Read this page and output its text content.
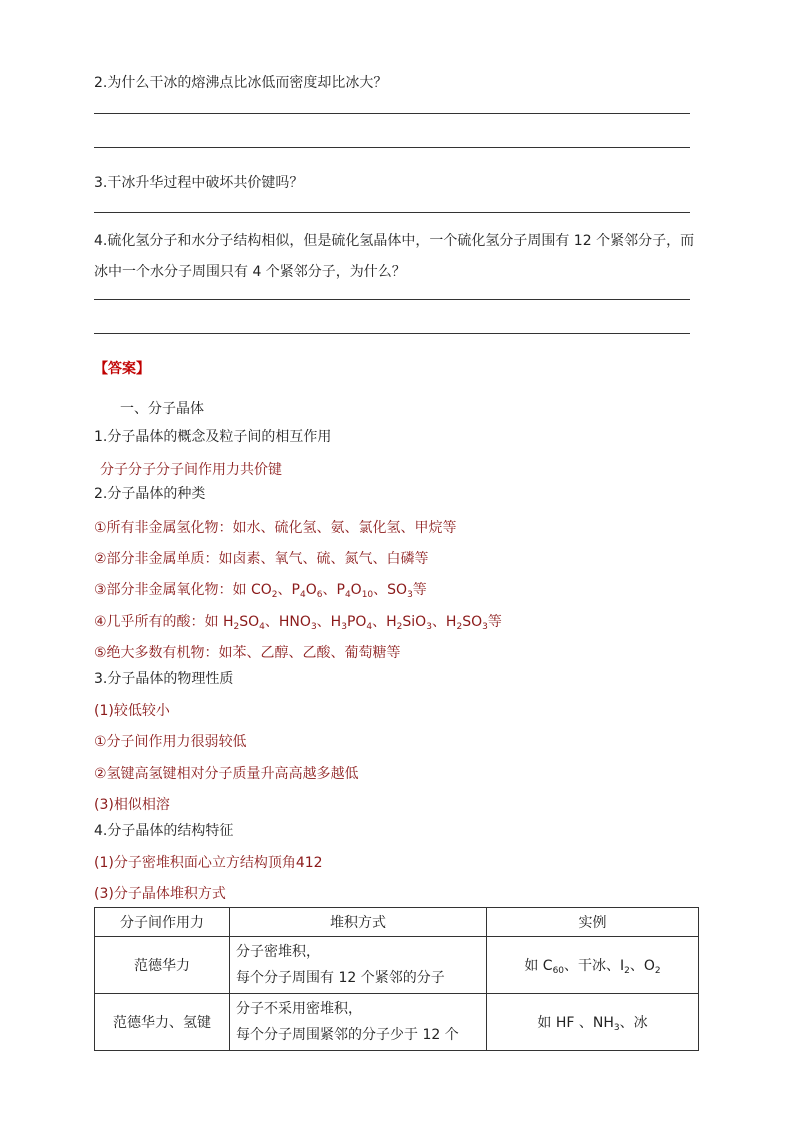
2.为什么干冰的熔沸点比冰低而密度却比冰大？
3.干冰升华过程中破坏共价键吗？
4.硫化氢分子和水分子结构相似，但是硫化氢晶体中，一个硫化氢分子周围有 12 个紧邻分子，而
冰中一个水分子周围只有 4 个紧邻分子，为什么？
【答案】
一、分子晶体
1.分子晶体的概念及粒子间的相互作用
分子分子分子间作用力共价键
2.分子晶体的种类
①所有非金属氢化物：如水、硫化氢、氨、氯化氢、甲烷等
②部分非金属单质：如卤素、氧气、硫、氮气、白磷等
③部分非金属氧化物：如 $CO_2$、$P_4O_6$、$P_4O_{10}$、$SO_3$等
④几乎所有的酸：如 $H_2SO_4$、$HNO_3$、$H_3PO_4$、$H_2SiO_3$、$H_2SO_3$等
⑤绝大多数有机物：如苯、乙醇、乙酸、葡萄糖等
3.分子晶体的物理性质
(1)较低较小
①分子间作用力很弱较低
②氢键高氢键相对分子质量升高高越多越低
(3)相似相溶
4.分子晶体的结构特征
(1)分子密堆积面心立方结构顶角412
(3)分子晶体堆积方式
分子间作用力	堆积方式	实例
范德华力	分子密堆积，
每个分子周围有 12 个紧邻的分子	如 $C_{60}$、干冰、$I_2$、$O_2$
范德华力、氢键	分子不采用密堆积，
每个分子周围紧邻的分子少于 12 个	如 HF 、$NH_3$、冰
